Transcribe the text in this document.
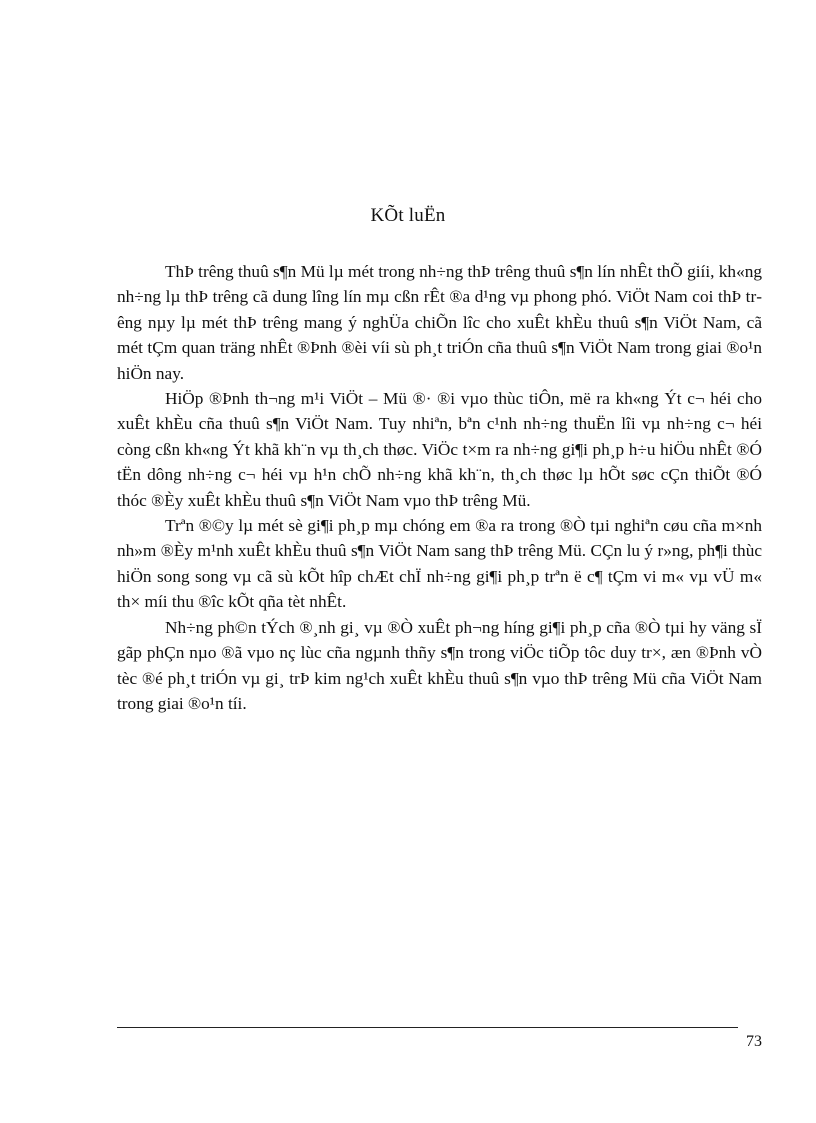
KÕt luËn

ThÞ trêng thuû s¶n Mü lµ mét trong nh÷ng thÞ trêng thuû s¶n lín nhÊt thÕ giíi, kh«ng nh÷ng lµ thÞ trêng cã dung lîng lín mµ cßn rÊt ®a d¹ng vµ phong phó. ViÖt Nam coi thÞ trêng nµy lµ mét thÞ trêng mang ý nghÜa chiÕn lîc cho xuÊt khÈu thuû s¶n ViÖt Nam, cã mét tÇm quan träng nhÊt ®Þnh ®èi víi sù ph¸t triÓn cña thuû s¶n ViÖt Nam trong giai ®o¹n hiÖn nay.

HiÖp ®Þnh th¬ng m¹i ViÖt – Mü ®· ®i vµo thùc tiÔn, më ra kh«ng Ýt c¬ héi cho xuÊt khÈu cña thuû s¶n ViÖt Nam. Tuy nhiªn, bªn c¹nh nh÷ng thuËn lîi vµ nh÷ng c¬ héi còng cßn kh«ng Ýt khã kh¨n vµ th¸ch thøc. ViÖc t×m ra nh÷ng gi¶i ph¸p h÷u hiÖu nhÊt ®Ó tËn dông nh÷ng c¬ héi vµ h¹n chÕ nh÷ng khã kh¨n, th¸ch thøc lµ hÕt søc cÇn thiÕt ®Ó thóc ®Èy xuÊt khÈu thuû s¶n ViÖt Nam vµo thÞ trêng Mü.

Trªn ®©y lµ mét sè gi¶i ph¸p mµ chóng em ®a ra trong ®Ò tµi nghiªn cøu cña m×nh nh»m ®Èy m¹nh xuÊt khÈu thuû s¶n ViÖt Nam sang thÞ trêng Mü. CÇn lu ý r»ng, ph¶i thùc hiÖn song song vµ cã sù kÕt hîp chÆt chÏ nh÷ng gi¶i ph¸p trªn ë c¶ tÇm vi m« vµ vÜ m« th× míi thu ®îc kÕt qña tèt nhÊt.

Nh÷ng ph©n tÝch ®¸nh gi¸ vµ ®Ò xuÊt ph¬ng híng gi¶i ph¸p cña ®Ò tµi hy väng sÏ gãp phÇn nµo ®ã vµo nç lùc cña ngµnh thñy s¶n trong viÖc tiÕp tôc duy tr×, æn ®Þnh vÒ tèc ®é ph¸t triÓn vµ gi¸ trÞ kim ng¹ch xuÊt khÈu thuû s¶n vµo thÞ trêng Mü cña ViÖt Nam trong giai ®o¹n tíi.

73
